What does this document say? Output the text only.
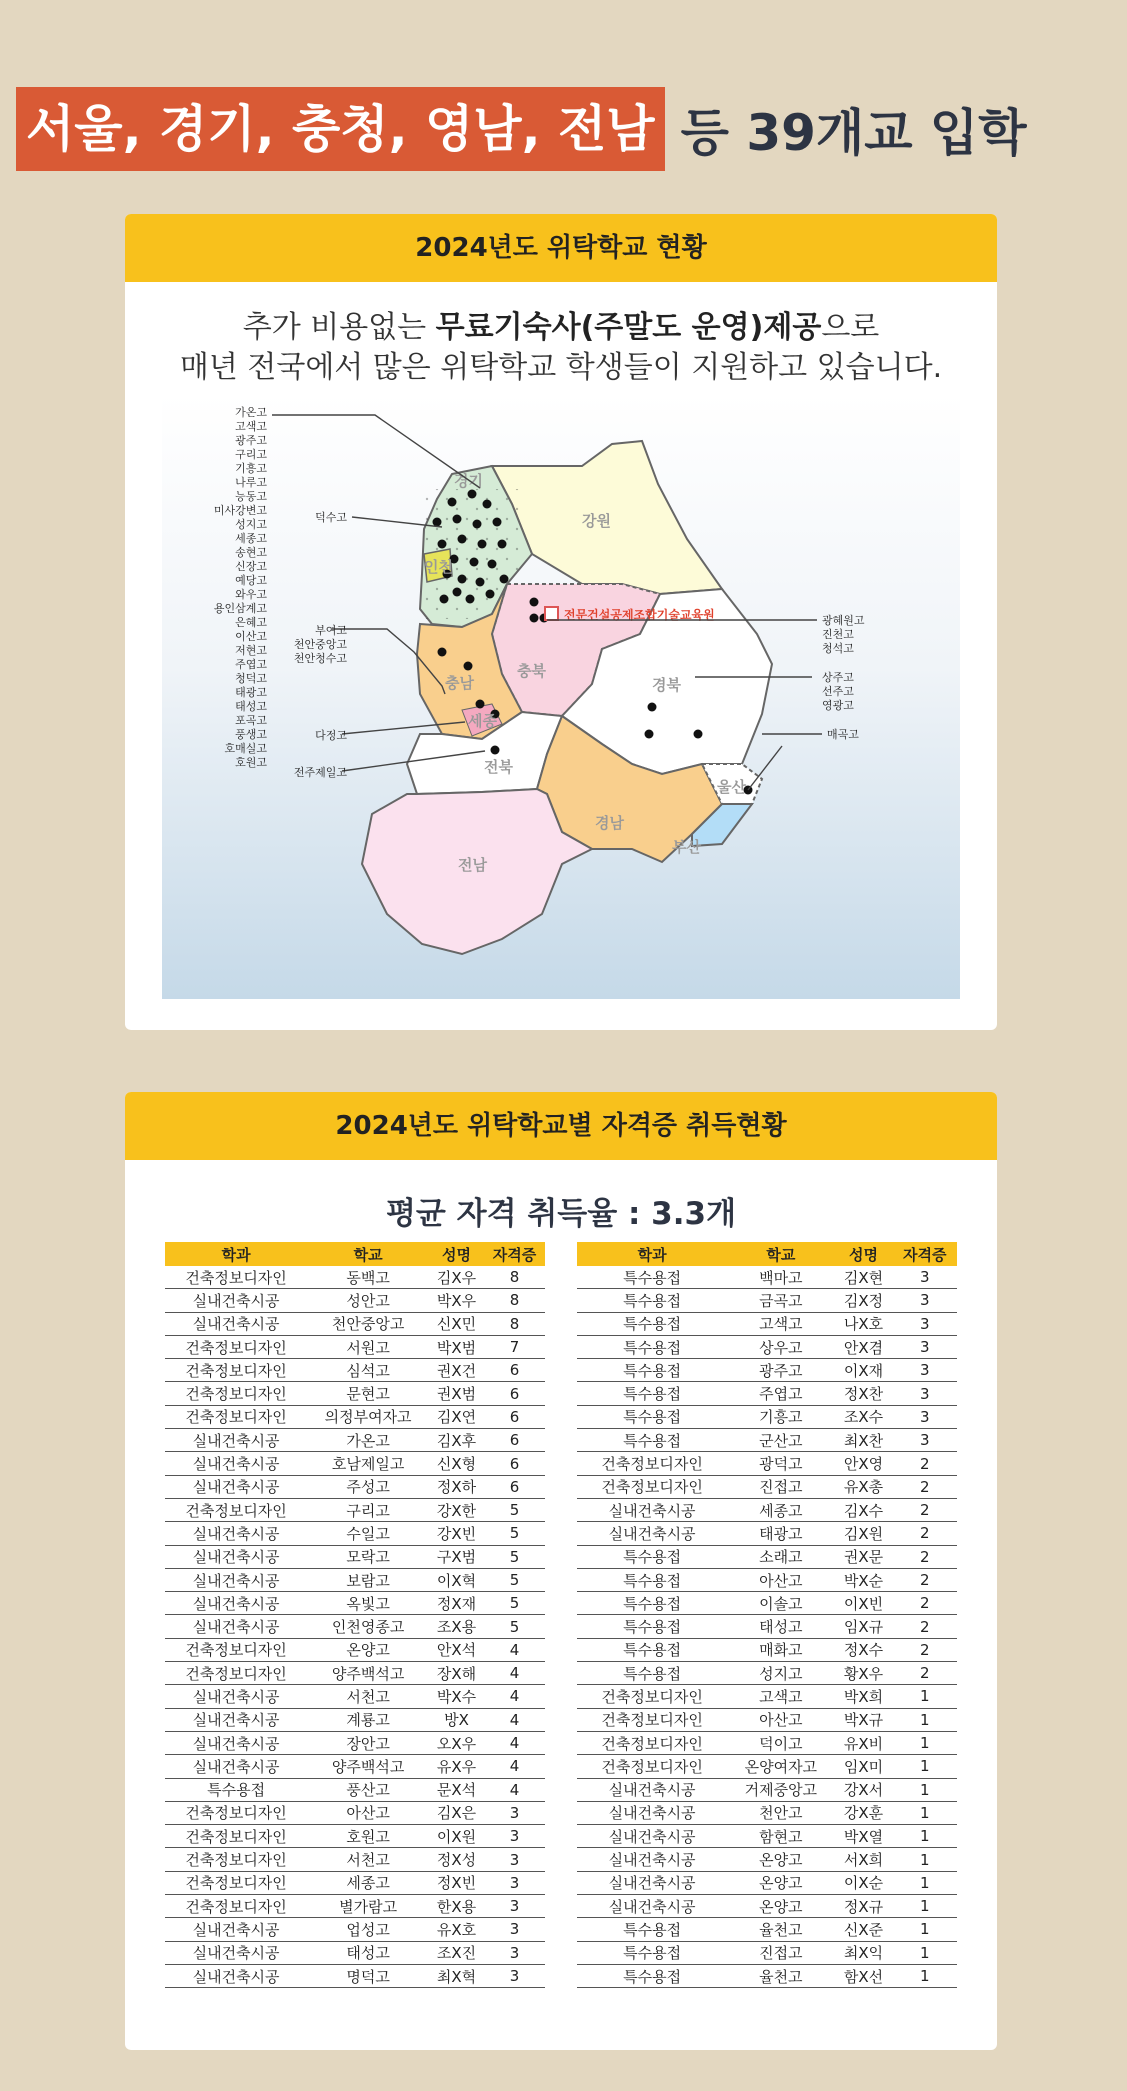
서울, 경기, 충청, 영남, 전남 등 39개교 입학
2024년도 위탁학교 현황
추가 비용없는 무료기숙사(주말도 운영)제공으로
매년 전국에서 많은 위탁학교 학생들이 지원하고 있습니다.
경기
인천
강원
충남
세종
충북
경북
전북
경남
울산
부산
전남
전문건설공제조합기술교육원
가온고
고색고
광주고
구리고
기흥고
나루고
능동고
미사강변고
성지고
세종고
송현고
신장고
예당고
와우고
용인삼계고
은혜고
이산고
저현고
주엽고
청덕고
태광고
태성고
포곡고
풍생고
호매실고
호원고
덕수고
부여고
천안중앙고
천안청수고
다정고
전주제일고
광혜원고
진천고
청석고
상주고
선주고
영광고
매곡고
2024년도 위탁학교별 자격증 취득현황
평균 자격 취득율 : 3.3개
학과	학교	성명	자격증
건축정보디자인	동백고	김X우	8
실내건축시공	성안고	박X우	8
실내건축시공	천안중앙고	신X민	8
건축정보디자인	서원고	박X범	7
건축정보디자인	심석고	권X건	6
건축정보디자인	문현고	권X범	6
건축정보디자인	의정부여자고	김X연	6
실내건축시공	가온고	김X후	6
실내건축시공	호남제일고	신X형	6
실내건축시공	주성고	정X하	6
건축정보디자인	구리고	강X한	5
실내건축시공	수일고	강X빈	5
실내건축시공	모락고	구X범	5
실내건축시공	보람고	이X혁	5
실내건축시공	옥빛고	정X재	5
실내건축시공	인천영종고	조X용	5
건축정보디자인	온양고	안X석	4
건축정보디자인	양주백석고	장X해	4
실내건축시공	서천고	박X수	4
실내건축시공	계룡고	방X	4
실내건축시공	장안고	오X우	4
실내건축시공	양주백석고	유X우	4
특수용접	풍산고	문X석	4
건축정보디자인	아산고	김X은	3
건축정보디자인	호원고	이X원	3
건축정보디자인	서천고	정X성	3
건축정보디자인	세종고	정X빈	3
건축정보디자인	별가람고	한X용	3
실내건축시공	업성고	유X호	3
실내건축시공	태성고	조X진	3
실내건축시공	명덕고	최X혁	3
학과	학교	성명	자격증
특수용접	백마고	김X현	3
특수용접	금곡고	김X정	3
특수용접	고색고	나X호	3
특수용접	상우고	안X겸	3
특수용접	광주고	이X재	3
특수용접	주엽고	정X찬	3
특수용접	기흥고	조X수	3
특수용접	군산고	최X찬	3
건축정보디자인	광덕고	안X영	2
건축정보디자인	진접고	유X총	2
실내건축시공	세종고	김X수	2
실내건축시공	태광고	김X원	2
특수용접	소래고	권X문	2
특수용접	아산고	박X순	2
특수용접	이솔고	이X빈	2
특수용접	태성고	임X규	2
특수용접	매화고	정X수	2
특수용접	성지고	황X우	2
건축정보디자인	고색고	박X희	1
건축정보디자인	아산고	박X규	1
건축정보디자인	덕이고	유X비	1
건축정보디자인	온양여자고	임X미	1
실내건축시공	거제중앙고	강X서	1
실내건축시공	천안고	강X훈	1
실내건축시공	함현고	박X열	1
실내건축시공	온양고	서X희	1
실내건축시공	온양고	이X순	1
실내건축시공	온양고	정X규	1
특수용접	율천고	신X준	1
특수용접	진접고	최X익	1
특수용접	율천고	함X선	1
